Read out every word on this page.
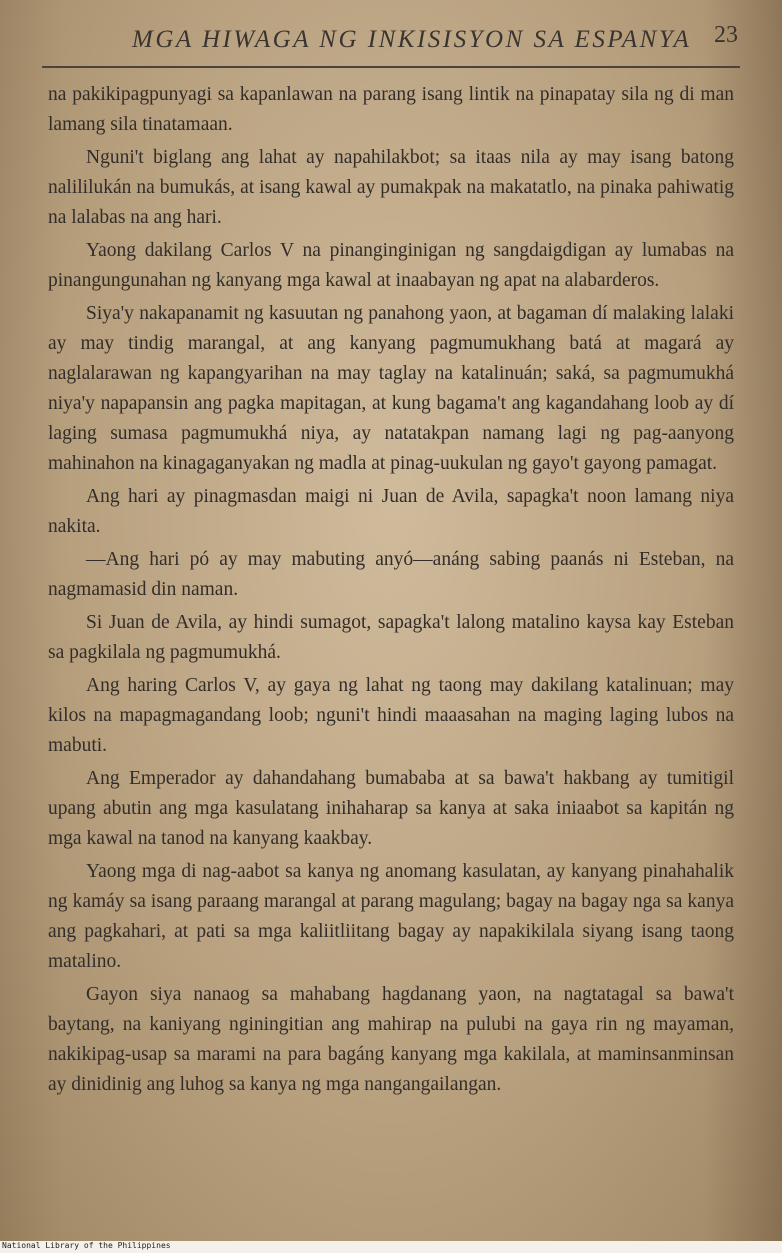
MGA HIWAGA NG INKISISYON SA ESPANYA 23

na pakikipagpunyagi sa kapanlawan na parang isang lintik na pinapatay sila ng di man lamang sila tinatamaan.

Nguni't biglang ang lahat ay napahilakbot; sa itaas nila ay may isang batong nalililukán na bumukás, at isang kawal ay pumakpak na makatatlo, na pinaka pahiwatig na lalabas na ang hari.

Yaong dakilang Carlos V na pinanginginigan ng sangdaigdigan ay lumabas na pinangungunahan ng kanyang mga kawal at inaabayan ng apat na alabarderos.

Siya'y nakapanamit ng kasuutan ng panahong yaon, at bagaman dí malaking lalaki ay may tindig marangal, at ang kanyang pagmumukhang batá at magará ay naglalarawan ng kapangyarihan na may taglay na katalinuán; saká, sa pagmumukhá niya'y napapansin ang pagka mapitagan, at kung bagama't ang kagandahang loob ay dí laging sumasa pagmumukhá niya, ay natatakpan namang lagi ng pag-aanyong mahinahon na kinagaganyakan ng madla at pinag-uukulan ng gayo't gayong pamagat.

Ang hari ay pinagmasdan maigi ni Juan de Avila, sapagka't noon lamang niya nakita.

—Ang hari pó ay may mabuting anyó—anáng sabing paanás ni Esteban, na nagmamasid din naman.

Si Juan de Avila, ay hindi sumagot, sapagka't lalong matalino kaysa kay Esteban sa pagkilala ng pagmumukhá.

Ang haring Carlos V, ay gaya ng lahat ng taong may dakilang katalinuan; may kilos na mapagmagandang loob; nguni't hindi maaasahan na maging laging lubos na mabuti.

Ang Emperador ay dahandahang bumababa at sa bawa't hakbang ay tumitigil upang abutin ang mga kasulatang inihaharap sa kanya at saka iniaabot sa kapitán ng mga kawal na tanod na kanyang kaakbay.

Yaong mga di nag-aabot sa kanya ng anomang kasulatan, ay kanyang pinahahalik ng kamáy sa isang paraang marangal at parang magulang; bagay na bagay nga sa kanya ang pagkahari, at pati sa mga kaliitliitang bagay ay napakikilala siyang isang taong matalino.

Gayon siya nanaog sa mahabang hagdanang yaon, na nagtatagal sa bawa't baytang, na kaniyang nginingitian ang mahirap na pulubi na gaya rin ng mayaman, nakikipag-usap sa marami na para bagáng kanyang mga kakilala, at maminsanminsan ay dinidinig ang luhog sa kanya ng mga nangangailangan.

National Library of the Philippines
